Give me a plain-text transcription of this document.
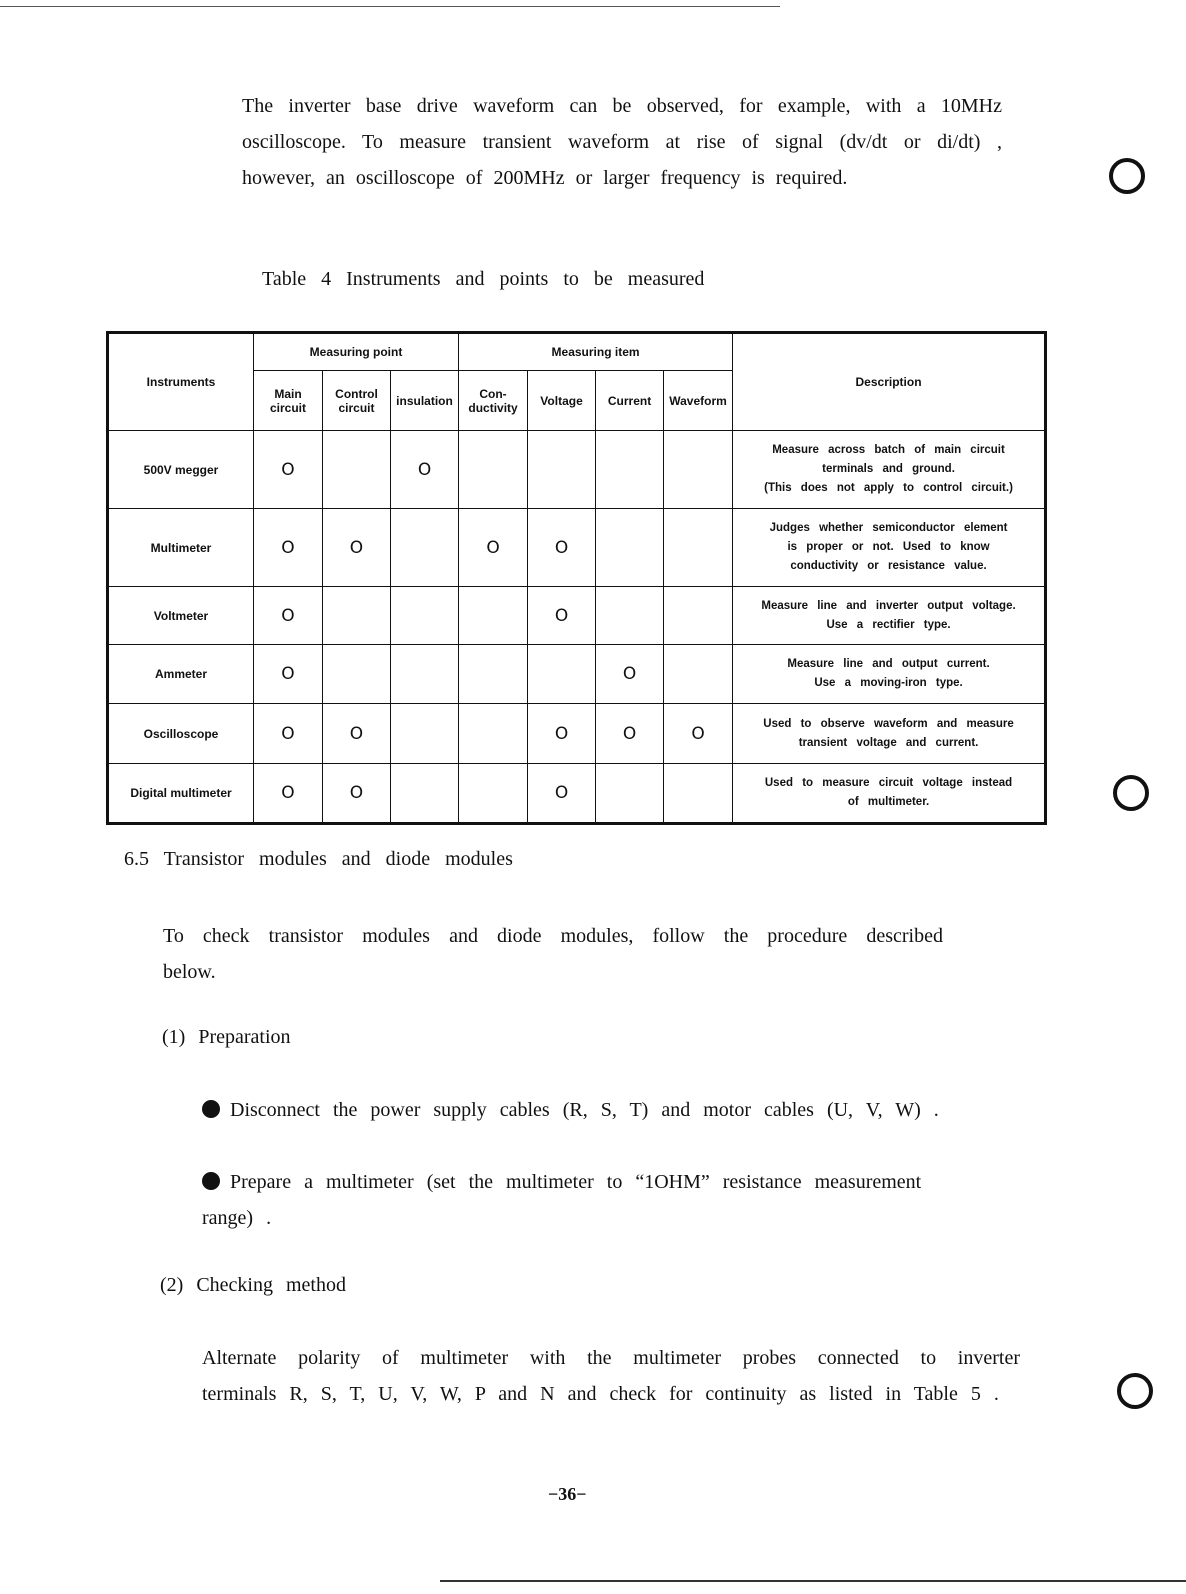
The inverter base drive waveform can be observed, for example, with a 10MHz oscilloscope. To measure transient waveform at rise of signal (dv/dt or di/dt) , however, an oscilloscope of 200MHz or larger frequency is required.

Table 4 Instruments and points to be measured
Instruments	Measuring point			Measuring item				Description
	Main circuit	Control circuit	insulation	Con- ductivity	Voltage	Current	Waveform	
500V megger	O		O					Measure across batch of main circuit
terminals and ground.
(This does not apply to control circuit.)

Multimeter	O	O		O	O			Judges whether semiconductor element
is proper or not. Used to know
conductivity or resistance value.

Voltmeter	O				O			Measure line and inverter output voltage.
Use a rectifier type.

Ammeter	O					O		Measure line and output current.
Use a moving-iron type.

Oscilloscope	O	O			O	O	O	Used to observe waveform and measure
transient voltage and current.

Digital multimeter	O	O			O			Used to measure circuit voltage instead
of multimeter.
6.5 Transistor modules and diode modules

To check transistor modules and diode modules, follow the procedure described below.

(1) Preparation
Disconnect the power supply cables (R, S, T) and motor cables (U, V, W) .
Prepare a multimeter (set the multimeter to “1OHM” resistance measurement range) .
(2) Checking method

Alternate polarity of multimeter with the multimeter probes connected to inverter terminals R, S, T, U, V, W, P and N and check for continuity as listed in Table 5 .

−36−
